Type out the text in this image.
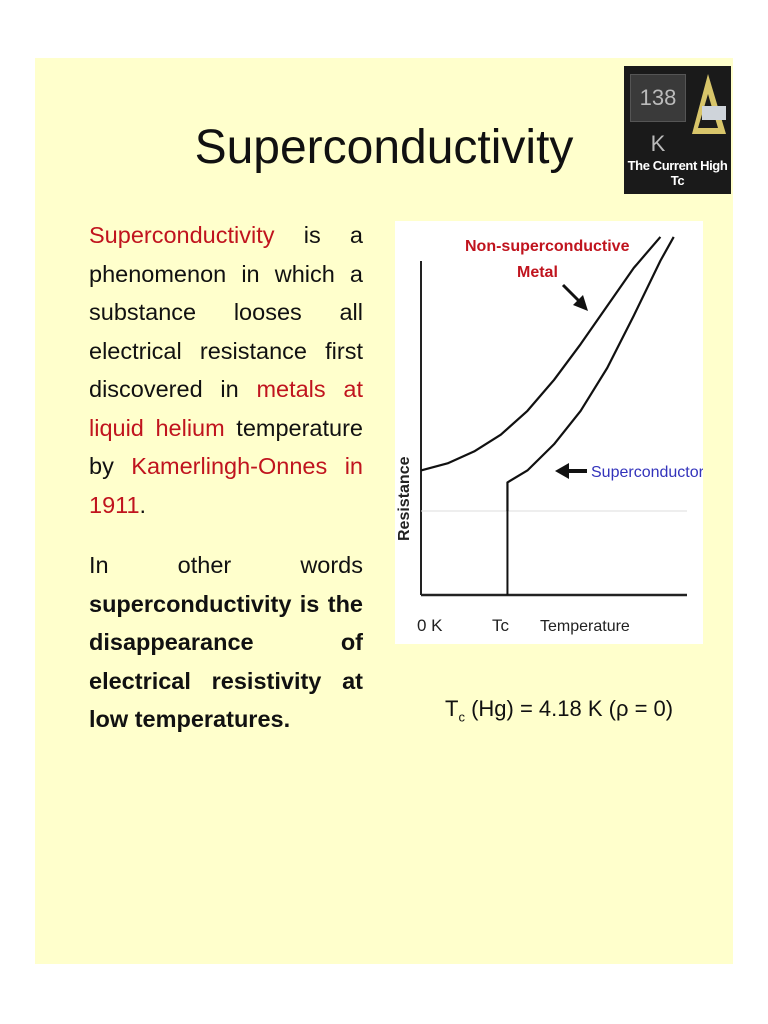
Superconductivity
138 K
The Current High Tc

Superconductivity is a phenomenon in which a substance looses all electrical resistance first discovered in metals at liquid helium temperature by Kamerlingh-Onnes in 1911.

In other words superconductivity is the disappearance of electrical resistivity at low temperatures.
Resistance
0 K	Tc Temperature
Non-superconductive
Metal
Superconductor
$T_c$ (Hg) = 4.18 K (ρ = 0)
